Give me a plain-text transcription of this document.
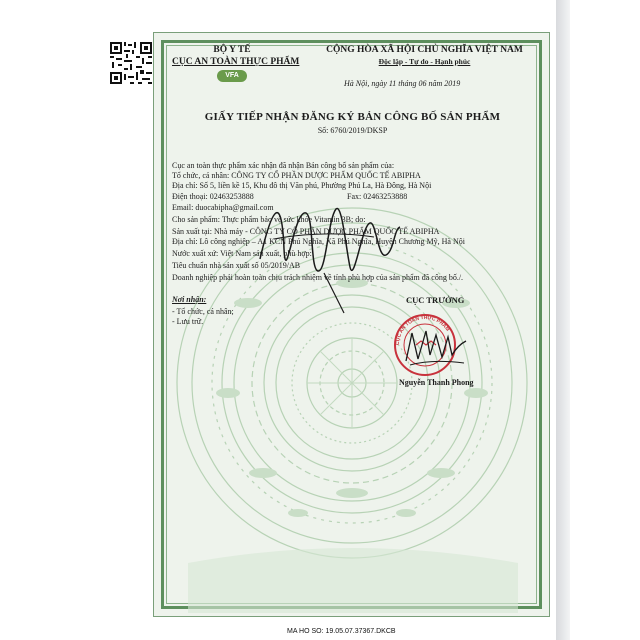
BỘ Y TẾ
CỤC AN TOÀN THỰC PHẨM
VFA
CỘNG HÒA XÃ HỘI CHỦ NGHĨA VIỆT NAM
Độc lập - Tự do - Hạnh phúc
Hà Nội, ngày 11 tháng 06 năm 2019
GIẤY TIẾP NHẬN ĐĂNG KÝ BẢN CÔNG BỐ SẢN PHẨM
Số: 6760/2019/DKSP
Cục an toàn thực phẩm xác nhận đã nhận Bản công bố sản phẩm của:
Tổ chức, cá nhân: CÔNG TY CỔ PHẦN DƯỢC PHẨM QUỐC TẾ ABIPHA
Địa chỉ: Số 5, liền kề 15, Khu đô thị Văn phú, Phường Phú La, Hà Đông, Hà Nội
Điện thoại: 02463253888	Fax: 02463253888
Email: duocabipha@gmail.com
Cho sản phẩm: Thực phẩm bảo vệ sức khỏe Vitamin 3B; do:
Sản xuất tại: Nhà máy - CÔNG TY CỔ PHẦN DƯỢC PHẨM QUỐC TẾ ABIPHA
Địa chỉ: Lô công nghiệp – A1 KCN Phú Nghĩa, Xã Phú Nghĩa, Huyện Chương Mỹ, Hà Nội
Nước xuất xứ: Việt Nam sản xuất, phù hợp:
Tiêu chuẩn nhà sản xuất số 05/2019/AB
Doanh nghiệp phải hoàn toàn chịu trách nhiệm về tính phù hợp của sản phẩm đã công bố./.
Nơi nhận:
- Tổ chức, cá nhân;
- Lưu trữ.
CỤC TRƯỞNG
Nguyễn Thanh Phong
CỤC AN TOÀN THỰC PHẨM
MA HO SO: 19.05.07.37367.DKCB
